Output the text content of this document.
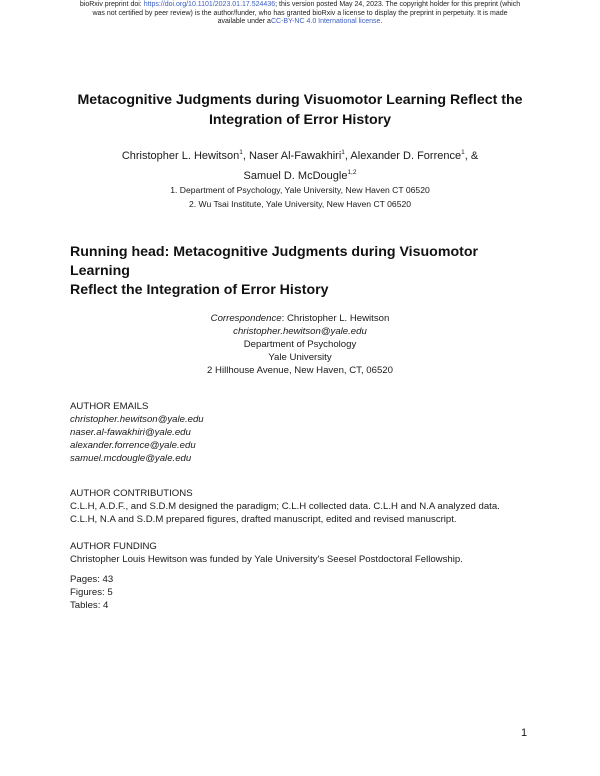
bioRxiv preprint doi: https://doi.org/10.1101/2023.01.17.524436; this version posted May 24, 2023. The copyright holder for this preprint (which
was not certified by peer review) is the author/funder, who has granted bioRxiv a license to display the preprint in perpetuity. It is made
available under aCC-BY-NC 4.0 International license.
Metacognitive Judgments during Visuomotor Learning Reflect the
Integration of Error History
Christopher L. Hewitson$^1$, Naser Al-Fawakhiri$^1$, Alexander D. Forrence$^1$, &
Samuel D. McDougle$^{1,2}$
1. Department of Psychology, Yale University, New Haven CT 06520
2. Wu Tsai Institute, Yale University, New Haven CT 06520
Running head: Metacognitive Judgments during Visuomotor Learning
Reflect the Integration of Error History
Correspondence: Christopher L. Hewitson
christopher.hewitson@yale.edu
Department of Psychology
Yale University
2 Hillhouse Avenue, New Haven, CT, 06520
AUTHOR EMAILS
christopher.hewitson@yale.edu
naser.al-fawakhiri@yale.edu
alexander.forrence@yale.edu
samuel.mcdougle@yale.edu
AUTHOR CONTRIBUTIONS
C.L.H, A.D.F., and S.D.M designed the paradigm; C.L.H collected data. C.L.H and N.A analyzed data.
C.L.H, N.A and S.D.M prepared figures, drafted manuscript, edited and revised manuscript.
AUTHOR FUNDING
Christopher Louis Hewitson was funded by Yale University's Seesel Postdoctoral Fellowship.
Pages: 43
Figures: 5
Tables: 4
1
